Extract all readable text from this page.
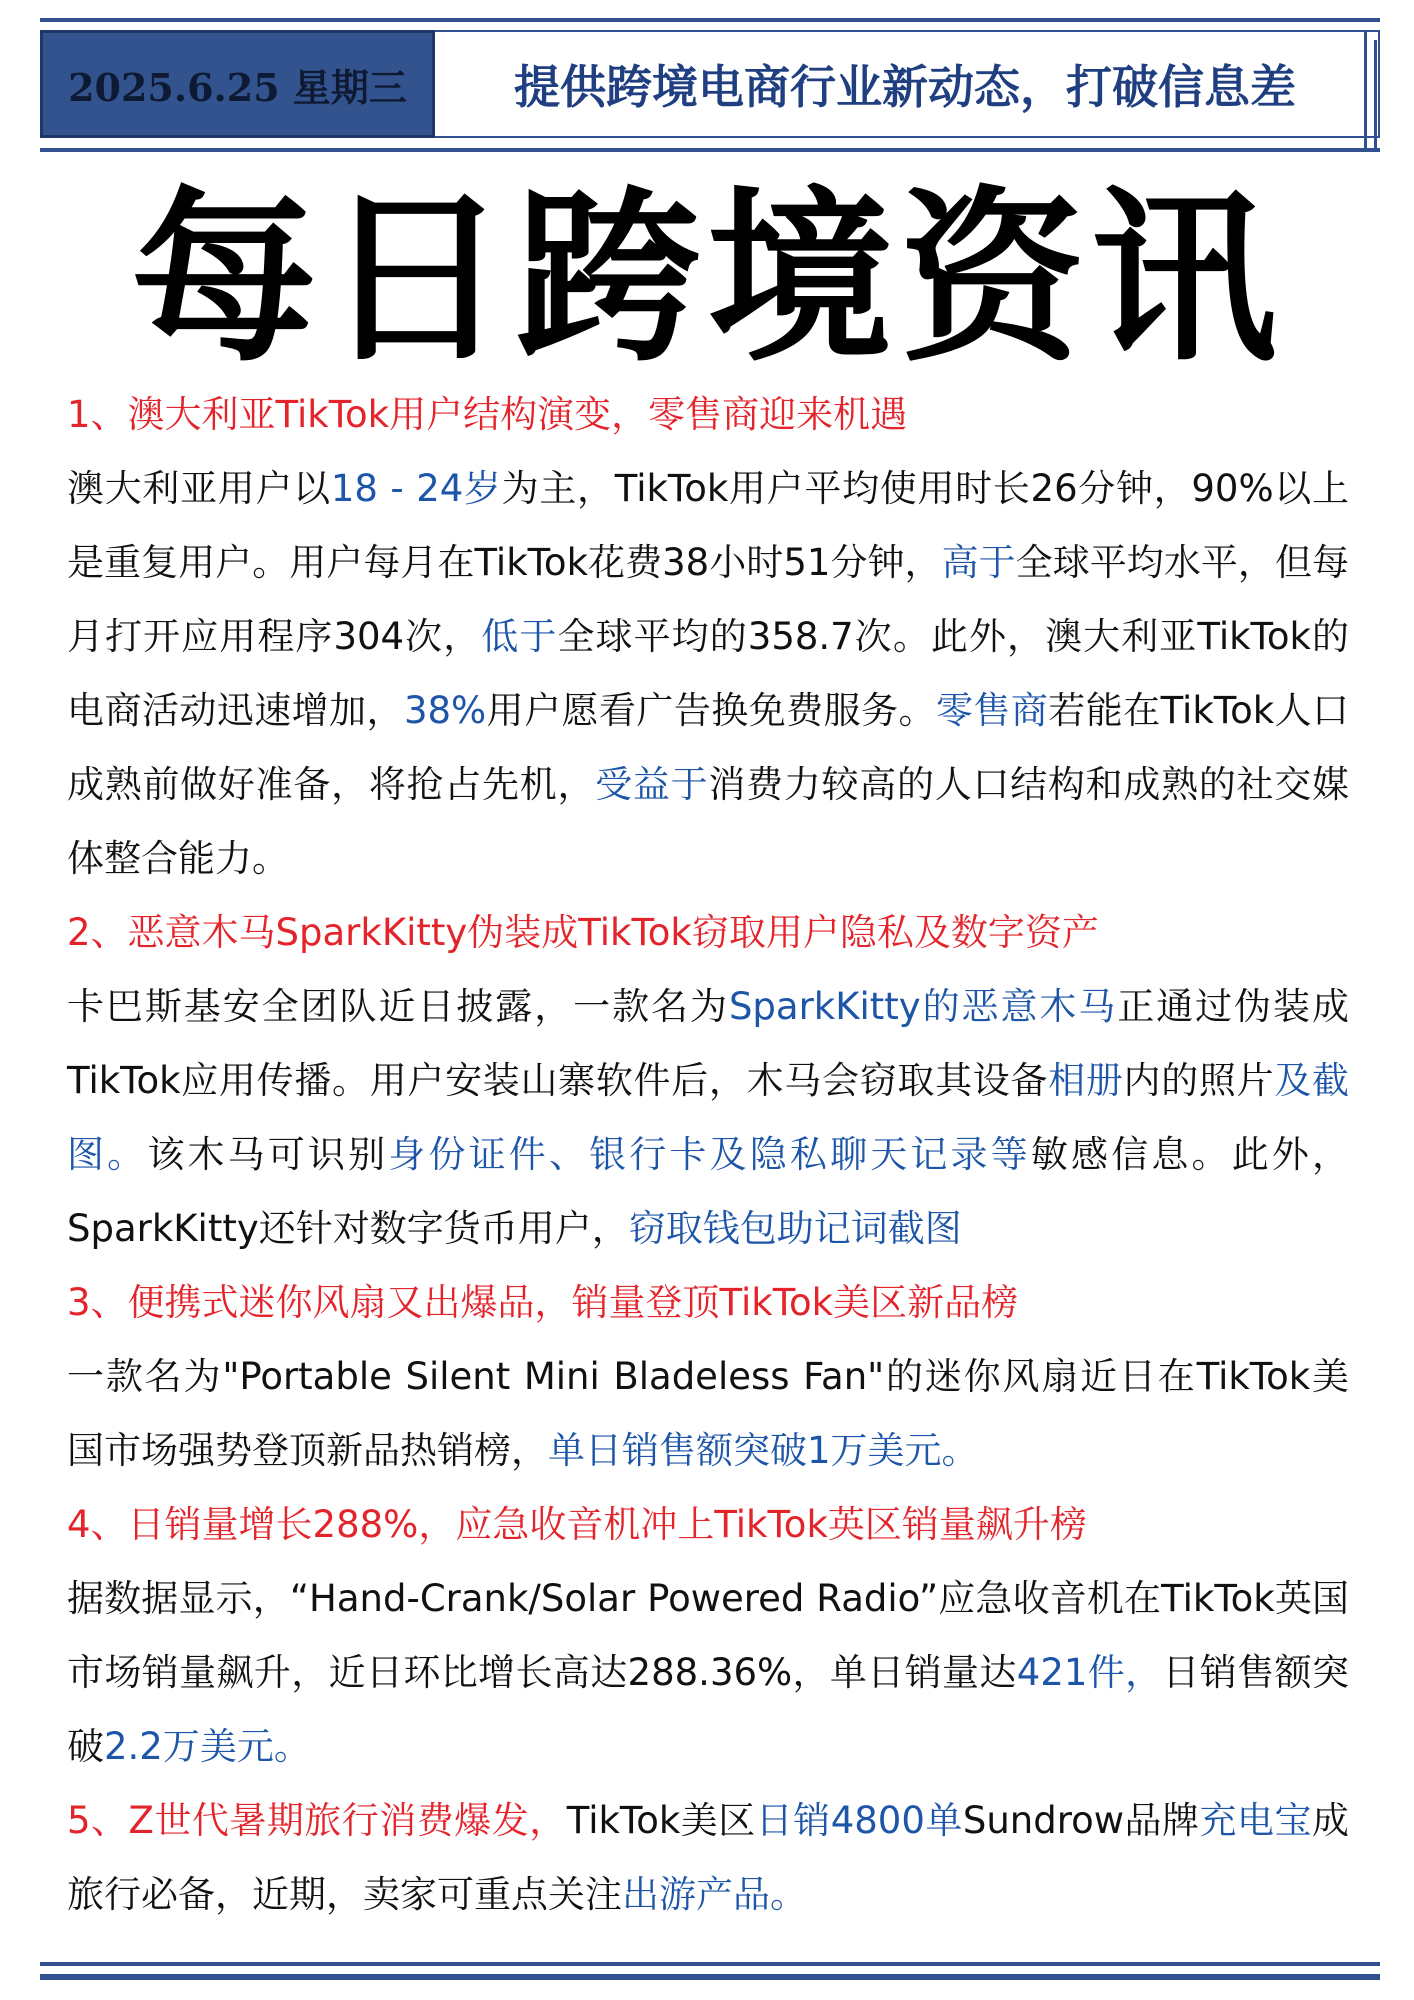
2025.6.25 星期三	提供跨境电商行业新动态，打破信息差
每日跨境资讯

1、澳大利亚TikTok用户结构演变，零售商迎来机遇

澳大利亚用户以18 - 24岁为主，TikTok用户平均使用时长26分钟，90%以上是重复用户。用户每月在TikTok花费38小时51分钟，高于全球平均水平，但每月打开应用程序304次，低于全球平均的358.7次。此外，澳大利亚TikTok的电商活动迅速增加，38%用户愿看广告换免费服务。零售商若能在TikTok人口成熟前做好准备，将抢占先机，受益于消费力较高的人口结构和成熟的社交媒体整合能力。

2、恶意木马SparkKitty伪装成TikTok窃取用户隐私及数字资产

卡巴斯基安全团队近日披露，一款名为SparkKitty的恶意木马正通过伪装成TikTok应用传播。用户安装山寨软件后，木马会窃取其设备相册内的照片及截图。该木马可识别身份证件、银行卡及隐私聊天记录等敏感信息。此外，SparkKitty还针对数字货币用户，窃取钱包助记词截图

3、便携式迷你风扇又出爆品，销量登顶TikTok美区新品榜

一款名为"Portable Silent Mini Bladeless Fan"的迷你风扇近日在TikTok美国市场强势登顶新品热销榜，单日销售额突破1万美元。

4、日销量增长288%，应急收音机冲上TikTok英区销量飙升榜

据数据显示，“Hand-Crank/Solar Powered Radio”应急收音机在TikTok英国市场销量飙升，近日环比增长高达288.36%，单日销量达421件，日销售额突破2.2万美元。

5、Z世代暑期旅行消费爆发，TikTok美区日销4800单Sundrow品牌充电宝成旅行必备，近期，卖家可重点关注出游产品。
